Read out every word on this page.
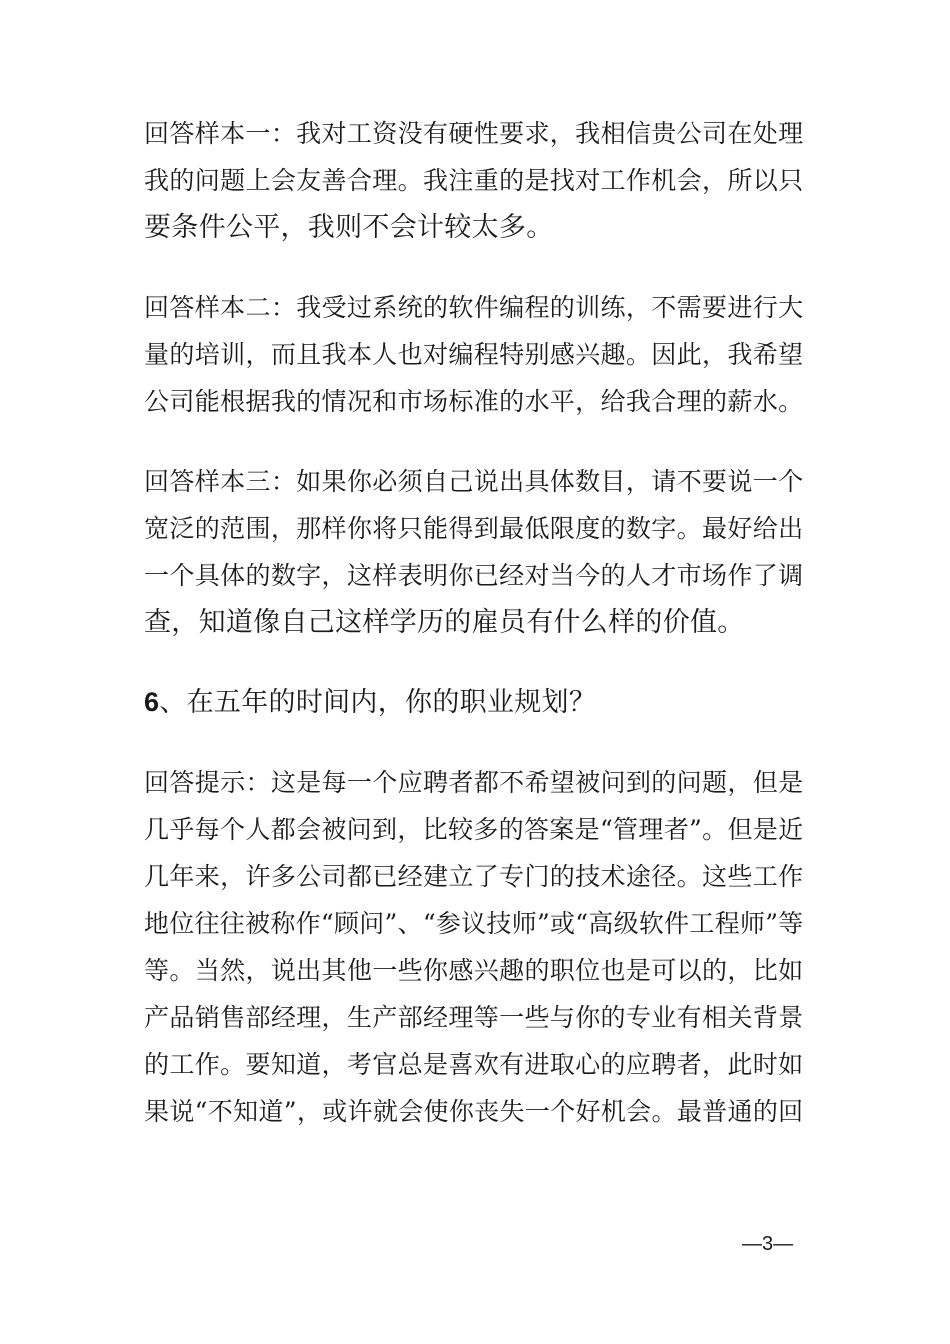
回答样本一：我对工资没有硬性要求，我相信贵公司在处理
我的问题上会友善合理。我注重的是找对工作机会，所以只
要条件公平，我则不会计较太多。

回答样本二：我受过系统的软件编程的训练，不需要进行大
量的培训，而且我本人也对编程特别感兴趣。因此，我希望
公司能根据我的情况和市场标准的水平，给我合理的薪水。

回答样本三：如果你必须自己说出具体数目，请不要说一个
宽泛的范围，那样你将只能得到最低限度的数字。最好给出
一个具体的数字，这样表明你已经对当今的人才市场作了调
查，知道像自己这样学历的雇员有什么样的价值。

6、在五年的时间内，你的职业规划？

回答提示：这是每一个应聘者都不希望被问到的问题，但是
几乎每个人都会被问到，比较多的答案是“管理者”。但是近
几年来，许多公司都已经建立了专门的技术途径。这些工作
地位往往被称作“顾问”、“参议技师”或“高级软件工程师”等
等。当然，说出其他一些你感兴趣的职位也是可以的，比如
产品销售部经理，生产部经理等一些与你的专业有相关背景
的工作。要知道，考官总是喜欢有进取心的应聘者，此时如
果说“不知道”，或许就会使你丧失一个好机会。最普通的回

—3—
